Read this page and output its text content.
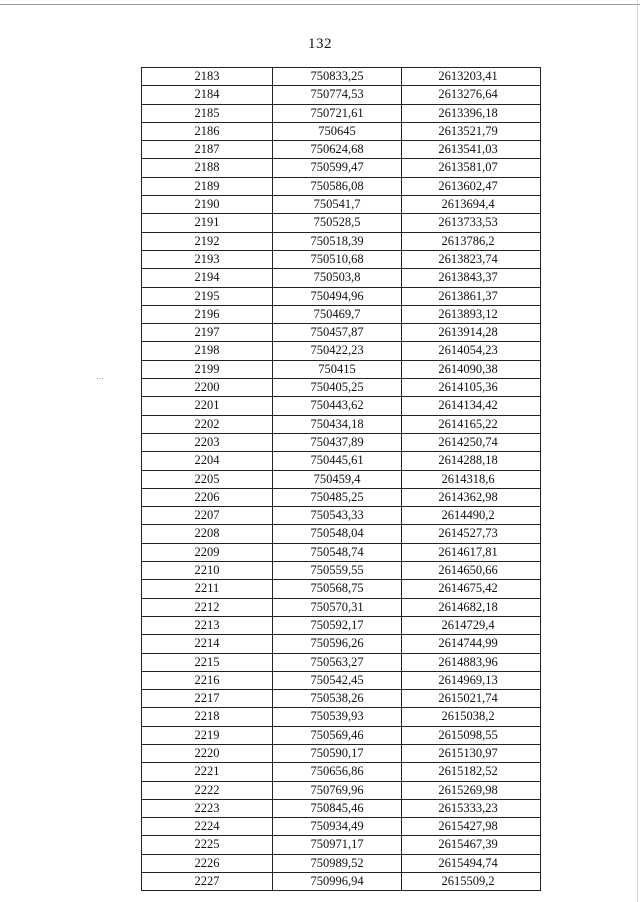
132
…
2183	750833,25	2613203,41
2184	750774,53	2613276,64
2185	750721,61	2613396,18
2186	750645	2613521,79
2187	750624,68	2613541,03
2188	750599,47	2613581,07
2189	750586,08	2613602,47
2190	750541,7	2613694,4
2191	750528,5	2613733,53
2192	750518,39	2613786,2
2193	750510,68	2613823,74
2194	750503,8	2613843,37
2195	750494,96	2613861,37
2196	750469,7	2613893,12
2197	750457,87	2613914,28
2198	750422,23	2614054,23
2199	750415	2614090,38
2200	750405,25	2614105,36
2201	750443,62	2614134,42
2202	750434,18	2614165,22
2203	750437,89	2614250,74
2204	750445,61	2614288,18
2205	750459,4	2614318,6
2206	750485,25	2614362,98
2207	750543,33	2614490,2
2208	750548,04	2614527,73
2209	750548,74	2614617,81
2210	750559,55	2614650,66
2211	750568,75	2614675,42
2212	750570,31	2614682,18
2213	750592,17	2614729,4
2214	750596,26	2614744,99
2215	750563,27	2614883,96
2216	750542,45	2614969,13
2217	750538,26	2615021,74
2218	750539,93	2615038,2
2219	750569,46	2615098,55
2220	750590,17	2615130,97
2221	750656,86	2615182,52
2222	750769,96	2615269,98
2223	750845,46	2615333,23
2224	750934,49	2615427,98
2225	750971,17	2615467,39
2226	750989,52	2615494,74
2227	750996,94	2615509,2
